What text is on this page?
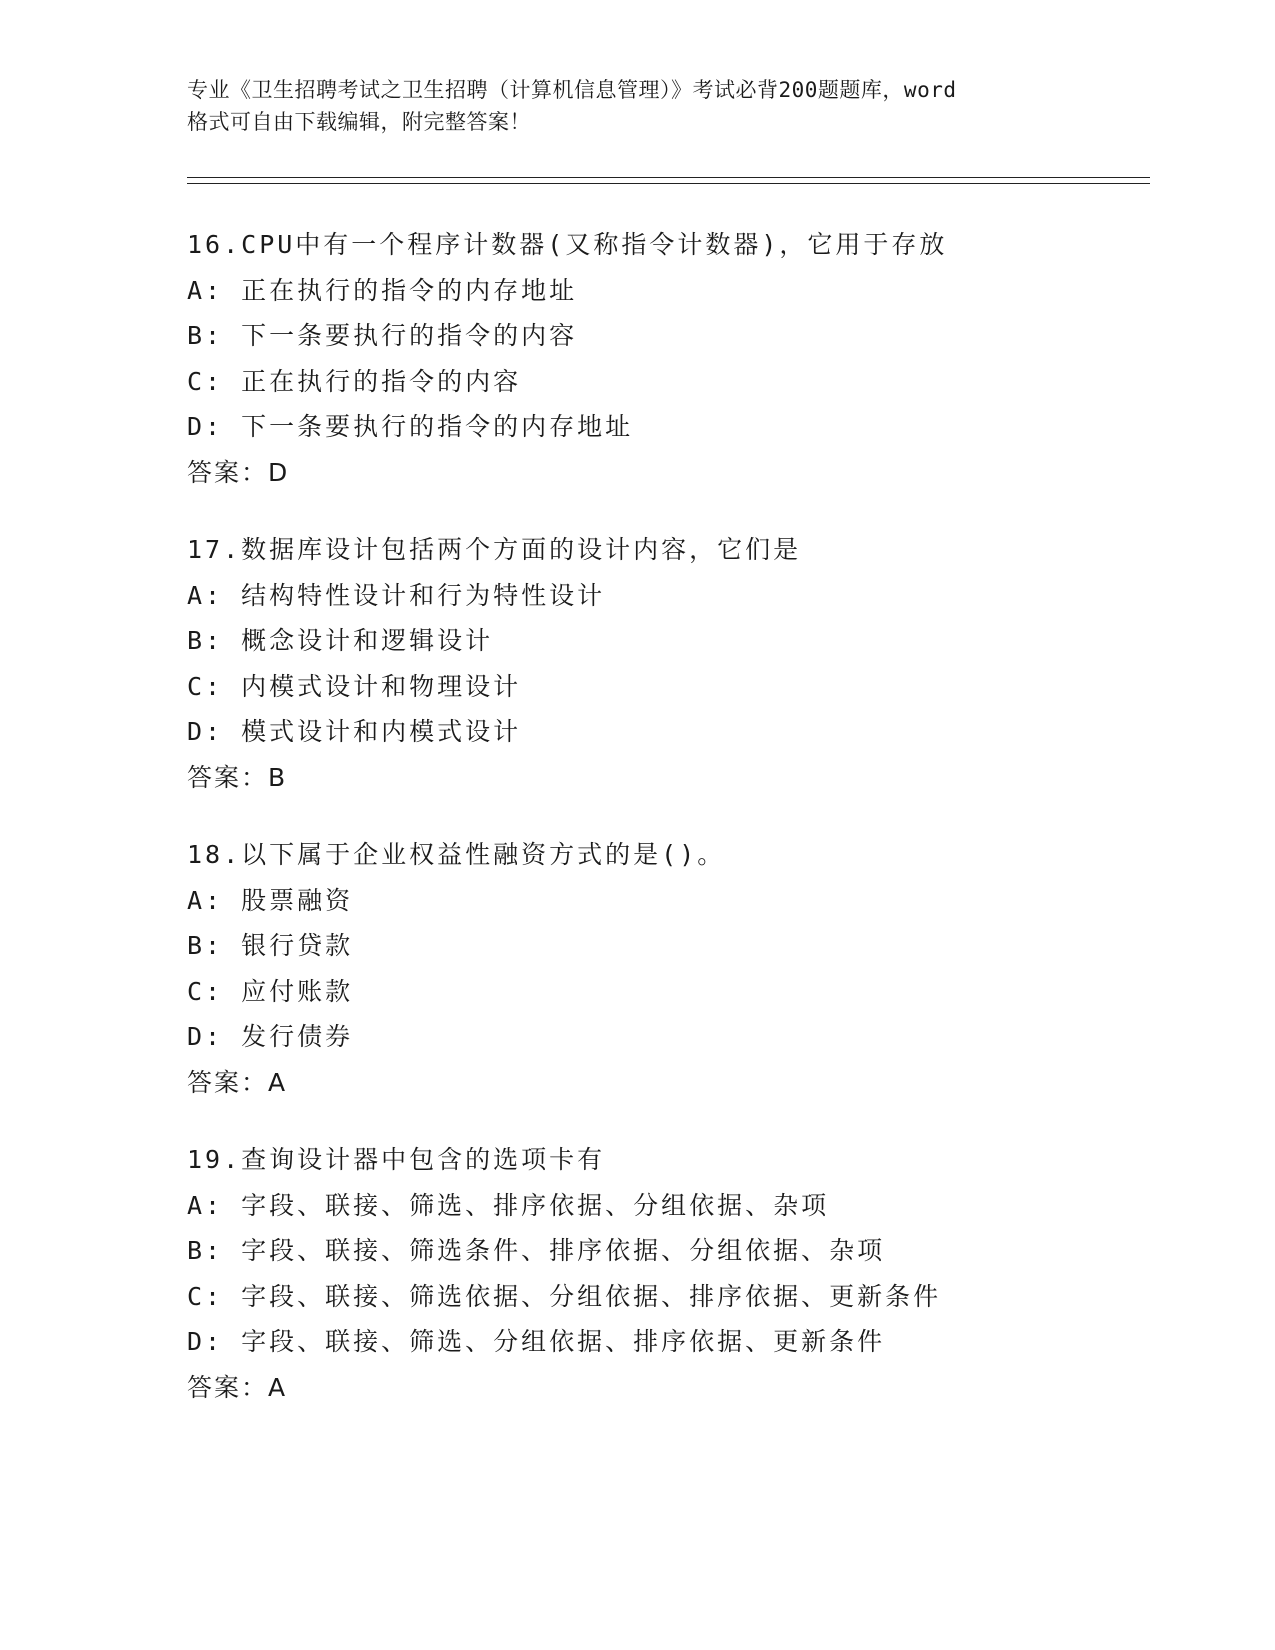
专业《卫生招聘考试之卫生招聘（计算机信息管理）》考试必背200题题库，word

格式可自由下载编辑，附完整答案！

16.CPU中有一个程序计数器(又称指令计数器)，它用于存放
A: 正在执行的指令的内存地址
B: 下一条要执行的指令的内容
C: 正在执行的指令的内容
D: 下一条要执行的指令的内存地址
答案：D
17.数据库设计包括两个方面的设计内容，它们是
A: 结构特性设计和行为特性设计
B: 概念设计和逻辑设计
C: 内模式设计和物理设计
D: 模式设计和内模式设计
答案：B
18.以下属于企业权益性融资方式的是()。
A: 股票融资
B: 银行贷款
C: 应付账款
D: 发行债券
答案：A
19.查询设计器中包含的选项卡有
A: 字段、联接、筛选、排序依据、分组依据、杂项
B: 字段、联接、筛选条件、排序依据、分组依据、杂项
C: 字段、联接、筛选依据、分组依据、排序依据、更新条件
D: 字段、联接、筛选、分组依据、排序依据、更新条件
答案：A
